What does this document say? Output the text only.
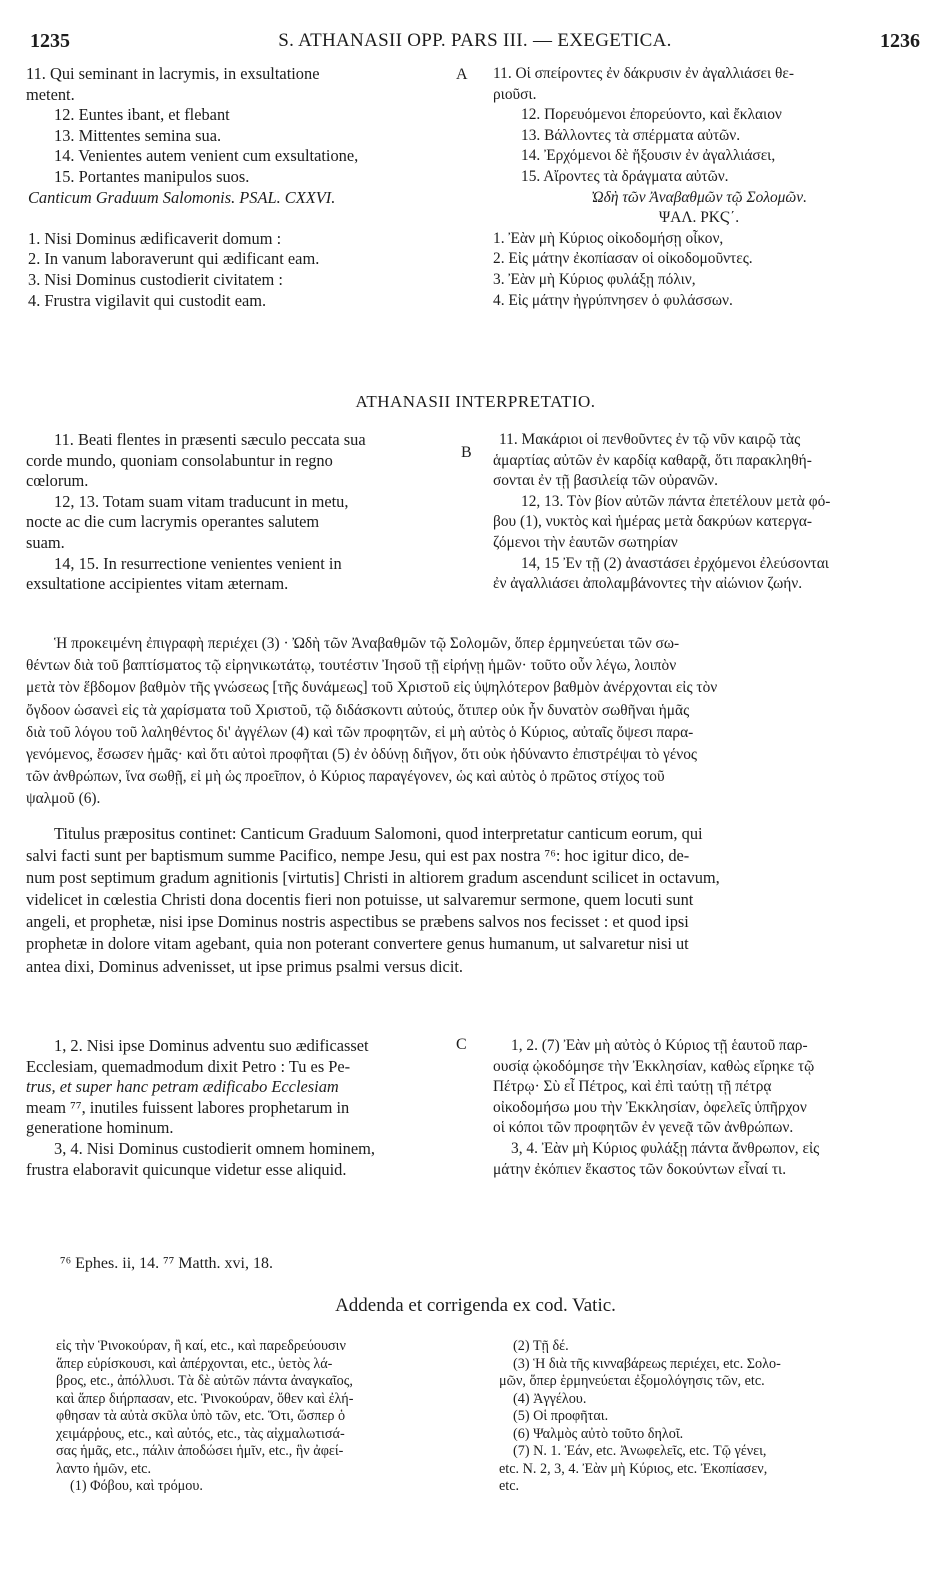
1235	S. ATHANASII OPP. PARS III. — EXEGETICA.	1236
11. Qui seminant in lacrymis, in exsultatione
metent.
12. Euntes ibant, et flebant
13. Mittentes semina sua.
14. Venientes autem venient cum exsultatione,
15. Portantes manipulos suos.
Canticum Graduum Salomonis. PSAL. CXXVI.
1. Nisi Dominus ædificaverit domum :
2. In vanum laboraverunt qui ædificant eam.
3. Nisi Dominus custodierit civitatem :
4. Frustra vigilavit qui custodit eam.
A 11. Οἱ σπείροντες ἐν δάκρυσιν ἐν ἀγαλλιάσει θε-
ριοῦσι.
12. Πορευόμενοι ἐπορεύοντο, καὶ ἔκλαιον
13. Βάλλοντες τὰ σπέρματα αὐτῶν.
14. Ἐρχόμενοι δὲ ἥξουσιν ἐν ἀγαλλιάσει,
15. Αἴροντες τὰ δράγματα αὐτῶν.
Ὠδὴ τῶν Ἀναβαθμῶν τῷ Σολομῶν.
ΨΑΛ. ΡΚϚ΄.
1. Ἐὰν μὴ Κύριος οἰκοδομήσῃ οἶκον,
2. Εἰς μάτην ἐκοπίασαν οἱ οἰκοδομοῦντες.
3. Ἐὰν μὴ Κύριος φυλάξῃ πόλιν,
4. Εἰς μάτην ἠγρύπνησεν ὁ φυλάσσων.
ATHANASII INTERPRETATIO.
11. Beati flentes in præsenti sæculo peccata sua
corde mundo, quoniam consolabuntur in regno
cœlorum.
12, 13. Totam suam vitam traducunt in metu,
nocte ac die cum lacrymis operantes salutem
suam.
14, 15. In resurrectione venientes venient in
exsultatione accipientes vitam æternam.
B
11. Μακάριοι οἱ πενθοῦντες ἐν τῷ νῦν καιρῷ τὰς
ἁμαρτίας αὐτῶν ἐν καρδίᾳ καθαρᾷ, ὅτι παρακληθή-
σονται ἐν τῇ βασιλείᾳ τῶν οὐρανῶν.
12, 13. Τὸν βίον αὐτῶν πάντα ἐπετέλουν μετὰ φό-
βου (1), νυκτὸς καὶ ἡμέρας μετὰ δακρύων κατεργα-
ζόμενοι τὴν ἑαυτῶν σωτηρίαν
14, 15 Ἐν τῇ (2) ἀναστάσει ἐρχόμενοι ἐλεύσονται
ἐν ἀγαλλιάσει ἀπολαμβάνοντες τὴν αἰώνιον ζωήν.
Ἡ προκειμένη ἐπιγραφὴ περιέχει (3) · Ὠδὴ τῶν Ἀναβαθμῶν τῷ Σολομῶν, ὅπερ ἑρμηνεύεται τῶν σω-
θέντων διὰ τοῦ βαπτίσματος τῷ εἰρηνικωτάτῳ, τουτέστιν Ἰησοῦ τῇ εἰρήνῃ ἡμῶν· τοῦτο οὖν λέγω, λοιπὸν
μετὰ τὸν ἕβδομον βαθμὸν τῆς γνώσεως [τῆς δυνάμεως] τοῦ Χριστοῦ εἰς ὑψηλότερον βαθμὸν ἀνέρχονται εἰς τὸν
ὄγδοον ὡσανεὶ εἰς τὰ χαρίσματα τοῦ Χριστοῦ, τῷ διδάσκοντι αὐτούς, ὅτιπερ οὐκ ἦν δυνατὸν σωθῆναι ἡμᾶς
διὰ τοῦ λόγου τοῦ λαληθέντος δι' ἀγγέλων (4) καὶ τῶν προφητῶν, εἰ μὴ αὐτὸς ὁ Κύριος, αὐταῖς ὄψεσι παρα-
γενόμενος, ἔσωσεν ἡμᾶς· καὶ ὅτι αὐτοὶ προφῆται (5) ἐν ὀδύνῃ διῆγον, ὅτι οὐκ ἠδύναντο ἐπιστρέψαι τὸ γένος
τῶν ἀνθρώπων, ἵνα σωθῇ, εἰ μὴ ὡς προεῖπον, ὁ Κύριος παραγέγονεν, ὡς καὶ αὐτὸς ὁ πρῶτος στίχος τοῦ
ψαλμοῦ (6).
Titulus præpositus continet: Canticum Graduum Salomoni, quod interpretatur canticum eorum, qui
salvi facti sunt per baptismum summe Pacifico, nempe Jesu, qui est pax nostra ⁷⁶: hoc igitur dico, de-
num post septimum gradum agnitionis [virtutis] Christi in altiorem gradum ascendunt scilicet in octavum,
videlicet in cœlestia Christi dona docentis fieri non potuisse, ut salvaremur sermone, quem locuti sunt
angeli, et prophetæ, nisi ipse Dominus nostris aspectibus se præbens salvos nos fecisset : et quod ipsi
prophetæ in dolore vitam agebant, quia non poterant convertere genus humanum, ut salvaretur nisi ut
antea dixi, Dominus advenisset, ut ipse primus psalmi versus dicit.
1, 2. Nisi ipse Dominus adventu suo ædificasset
Ecclesiam, quemadmodum dixit Petro : Tu es Pe-
trus, et super hanc petram ædificabo Ecclesiam
meam ⁷⁷, inutiles fuissent labores prophetarum in
generatione hominum.
3, 4. Nisi Dominus custodierit omnem hominem,
frustra elaboravit quicunque videtur esse aliquid.
C	1, 2. (7) Ἐὰν μὴ αὐτὸς ὁ Κύριος τῇ ἑαυτοῦ παρ-
ουσίᾳ ᾠκοδόμησε τὴν Ἐκκλησίαν, καθὼς εἴρηκε τῷ
Πέτρῳ· Σὺ εἶ Πέτρος, καὶ ἐπὶ ταύτῃ τῇ πέτρᾳ
οἰκοδομήσω μου τὴν Ἐκκλησίαν, ὀφελεῖς ὑπῆρχον
οἱ κόποι τῶν προφητῶν ἐν γενεᾷ τῶν ἀνθρώπων.
3, 4. Ἐὰν μὴ Κύριος φυλάξῃ πάντα ἄνθρωπον, εἰς
μάτην ἐκόπιεν ἕκαστος τῶν δοκούντων εἶναί τι.
⁷⁶ Ephes. ii, 14. ⁷⁷ Matth. xvi, 18.
Addenda et corrigenda ex cod. Vatic.
εἰς τὴν Ῥινοκούραν, ἢ καί, etc., καὶ παρεδρεύουσιν
ἅπερ εὑρίσκουσι, καὶ ἀπέρχονται, etc., ὑετὸς λά-
βρος, etc., ἀπόλλυσι. Τὰ δὲ αὐτῶν πάντα ἀναγκαῖος,
καὶ ἅπερ διήρπασαν, etc. Ῥινοκούραν, ὅθεν καὶ ἐλή-
φθησαν τὰ αὐτὰ σκῦλα ὑπὸ τῶν, etc. Ὅτι, ὥσπερ ὁ
χειμάρῥους, etc., καὶ αὐτός, etc., τὰς αἰχμαλωτισά-
σας ἡμᾶς, etc., πάλιν ἀποδώσει ἡμῖν, etc., ἣν ἀφεί-
λαντο ἡμῶν, etc.
(1) Φόβου, καὶ τρόμου.
(2) Τῇ δέ.
(3) Ἡ διὰ τῆς κινναβάρεως περιέχει, etc. Σολο-
μῶν, ὅπερ ἑρμηνεύεται ἐξομολόγησις τῶν, etc.
(4) Ἀγγέλου.
(5) Οἱ προφῆται.
(6) Ψαλμὸς αὐτὸ τοῦτο δηλοῖ.
(7) N. 1. Ἐάν, etc. Ἀνωφελεῖς, etc. Τῷ γένει,
etc. N. 2, 3, 4. Ἐὰν μὴ Κύριος, etc. Ἐκοπίασεν,
etc.
